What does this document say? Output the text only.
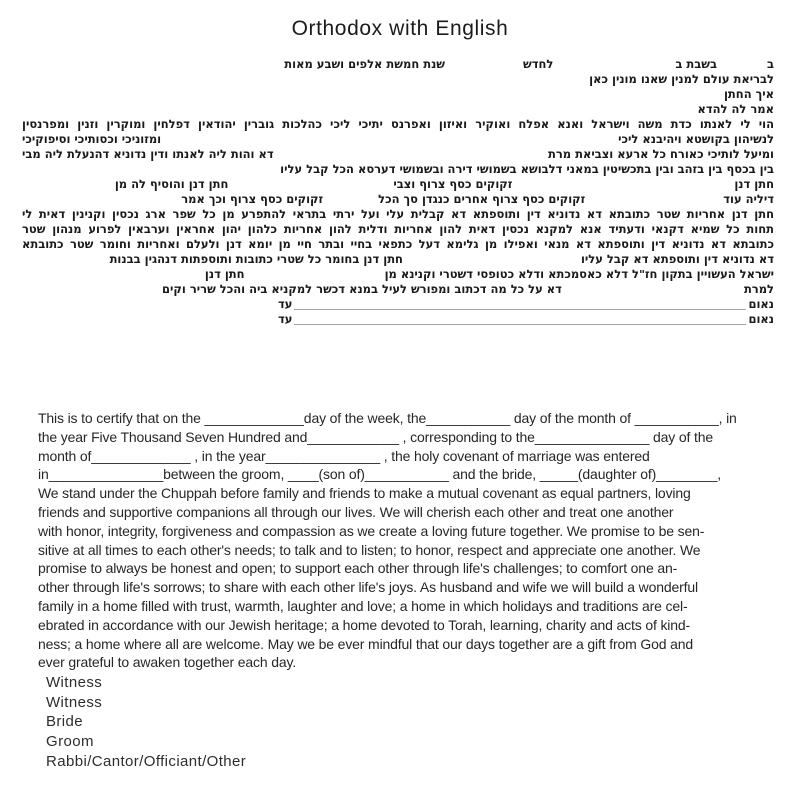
Orthodox with English
ב
בשבת ב
לחדש
שנת חמשת אלפים ושבע מאות
לבריאת עולם למנין שאנו מונין כאן
איך החתן
אמר לה להדא
הוי לי לאנתו כדת משה וישראל ואנא אפלח ואוקיר ואיזון ואפרנס יתיכי ליכי כהלכות גוברין יהודאין דפלחין ומוקרין וזנין ומפרנסין
לנשיהון בקושטא ויהיבנא ליכי
ומזוניכי וכסותיכי וסיפוקיכי
ומיעל לותיכי כאורח כל ארעא וצביאת מרת
דא והות ליה לאנתו ודין נדוניא דהנעלת ליה מבי
בין בכסף בין בזהב ובין בתכשיטין במאני דלבושא בשמושי דירה ובשמושי דערסא הכל קבל עליו
חתן דנן
זקוקים כסף צרוף וצבי
חתן דנן והוסיף לה מן
דיליה עוד
זקוקים כסף צרוף אחרים כנגדן סך הכל
זקוקים כסף צרוף וכך אמר
חתן דנן אחריות שטר כתובתא דא נדוניא דין ותוספתא דא קבלית עלי ועל ירתי בתראי להתפרע מן כל שפר ארג נכסין וקנינין דאית לי
תחות כל שמיא דקנאי ודעתיד אנא למקנא נכסין דאית להון אחריות ודלית להון אחריות כלהון יהון אחראין וערבאין לפרוע מנהון שטר
כתובתא דא נדוניא דין ותוספתא דא מנאי ואפילו מן גלימא דעל כתפאי בחיי ובתר חיי מן יומא דנן ולעלם ואחריות וחומר שטר כתובתא
דא נדוניא דין ותוספתא דא קבל עליו
חתן דנן בחומר כל שטרי כתובות ותוספתות דנהגין בבנות
ישראל העשויין בתקון חז"ל דלא כאסמכתא ודלא כטופסי דשטרי וקנינא מן
חתן דנן
למרת
דא על כל מה דכתוב ומפורש לעיל במנא דכשר למקניא ביה והכל שריר וקים
נאום
עד
נאום
עד
This is to certify that on the _____________day of the week, the___________ day of the month of ___________, in
the year Five Thousand Seven Hundred and____________ , corresponding to the_______________ day of the
month of_____________ , in the year_______________ , the holy covenant of marriage was entered
in_______________between the groom, ____(son of)___________ and the bride, _____(daughter of)________,
We stand under the Chuppah before family and friends to make a mutual covenant as equal partners, loving
friends and supportive companions all through our lives. We will cherish each other and treat one another
with honor, integrity, forgiveness and compassion as we create a loving future together. We promise to be sen-
sitive at all times to each other's needs; to talk and to listen; to honor, respect and appreciate one another. We
promise to always be honest and open; to support each other through life's challenges; to comfort one an-
other through life's sorrows; to share with each other life's joys. As husband and wife we will build a wonderful
family in a home filled with trust, warmth, laughter and love; a home in which holidays and traditions are cel-
ebrated in accordance with our Jewish heritage; a home devoted to Torah, learning, charity and acts of kind-
ness; a home where all are welcome. May we be ever mindful that our days together are a gift from God and
ever grateful to awaken together each day.
Witness
Witness
Bride
Groom
Rabbi/Cantor/Officiant/Other
